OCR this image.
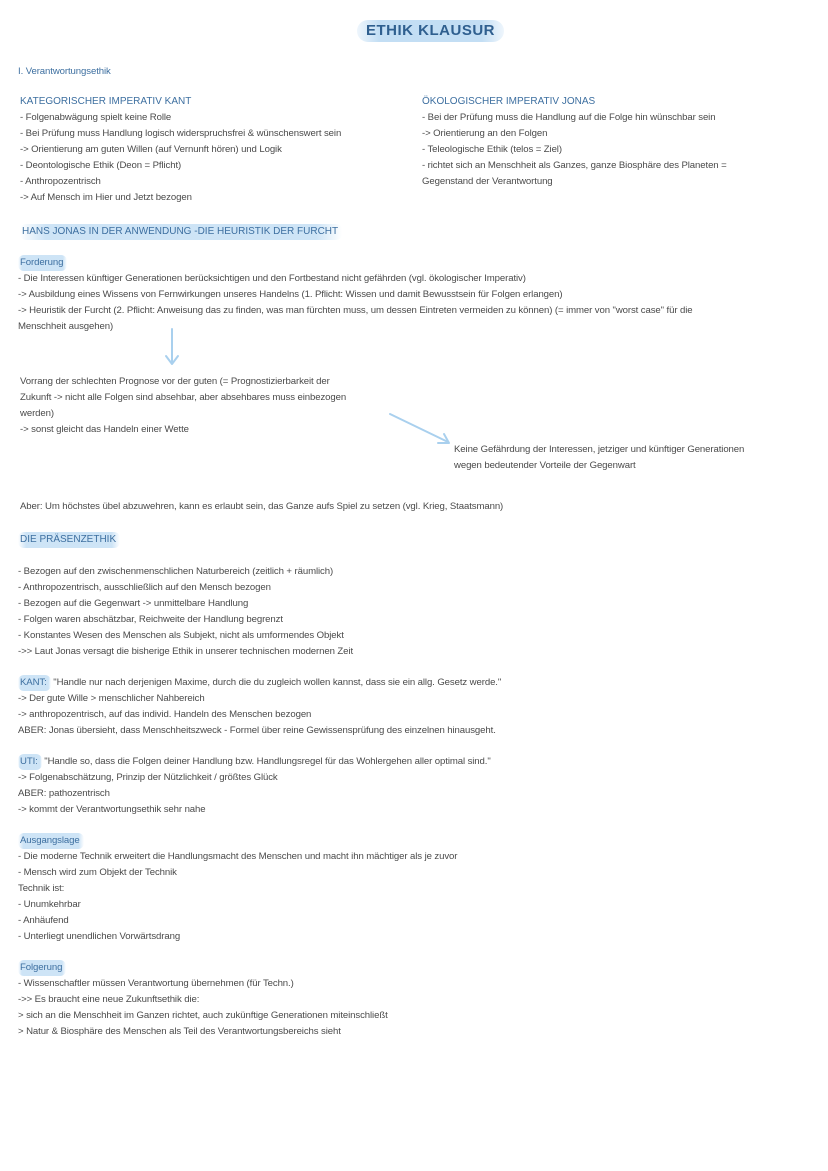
ETHIK KLAUSUR
I. Verantwortungsethik
KATEGORISCHER IMPERATIV KANT
- Folgenabwägung spielt keine Rolle
- Bei Prüfung muss Handlung logisch widerspruchsfrei & wünschenswert sein
-> Orientierung am guten Willen (auf Vernunft hören) und Logik
- Deontologische Ethik (Deon = Pflicht)
- Anthropozentrisch
-> Auf Mensch im Hier und Jetzt bezogen
ÖKOLOGISCHER IMPERATIV JONAS
- Bei der Prüfung muss die Handlung auf die Folge hin wünschbar sein
-> Orientierung an den Folgen
- Teleologische Ethik (telos = Ziel)
- richtet sich an Menschheit als Ganzes, ganze Biosphäre des Planeten =
Gegenstand der Verantwortung
HANS JONAS IN DER ANWENDUNG -DIE HEURISTIK DER FURCHT
Forderung
- Die Interessen künftiger Generationen berücksichtigen und den Fortbestand nicht gefährden (vgl. ökologischer Imperativ)
-> Ausbildung eines Wissens von Fernwirkungen unseres Handelns (1. Pflicht: Wissen und damit Bewusstsein für Folgen erlangen)
-> Heuristik der Furcht (2. Pflicht: Anweisung das zu finden, was man fürchten muss, um dessen Eintreten vermeiden zu können) (= immer von "worst case" für die
Menschheit ausgehen)
Vorrang der schlechten Prognose vor der guten (= Prognostizierbarkeit der
Zukunft -> nicht alle Folgen sind absehbar, aber absehbares muss einbezogen
werden)
-> sonst gleicht das Handeln einer Wette
Keine Gefährdung der Interessen, jetziger und künftiger Generationen
wegen bedeutender Vorteile der Gegenwart
Aber: Um höchstes übel abzuwehren, kann es erlaubt sein, das Ganze aufs Spiel zu setzen (vgl. Krieg, Staatsmann)
DIE PRÄSENZETHIK
- Bezogen auf den zwischenmenschlichen Naturbereich (zeitlich + räumlich)
- Anthropozentrisch, ausschließlich auf den Mensch bezogen
- Bezogen auf die Gegenwart -> unmittelbare Handlung
- Folgen waren abschätzbar, Reichweite der Handlung begrenzt
- Konstantes Wesen des Menschen als Subjekt, nicht als umformendes Objekt
->> Laut Jonas versagt die bisherige Ethik in unserer technischen modernen Zeit
KANT: "Handle nur nach derjenigen Maxime, durch die du zugleich wollen kannst, dass sie ein allg. Gesetz werde."
-> Der gute Wille > menschlicher Nahbereich
-> anthropozentrisch, auf das individ. Handeln des Menschen bezogen
ABER: Jonas übersieht, dass Menschheitszweck - Formel über reine Gewissensprüfung des einzelnen hinausgeht.
UTI: "Handle so, dass die Folgen deiner Handlung bzw. Handlungsregel für das Wohlergehen aller optimal sind."
-> Folgenabschätzung, Prinzip der Nützlichkeit / größtes Glück
ABER: pathozentrisch
-> kommt der Verantwortungsethik sehr nahe
Ausgangslage
- Die moderne Technik erweitert die Handlungsmacht des Menschen und macht ihn mächtiger als je zuvor
- Mensch wird zum Objekt der Technik
Technik ist:
- Unumkehrbar
- Anhäufend
- Unterliegt unendlichen Vorwärtsdrang
Folgerung
- Wissenschaftler müssen Verantwortung übernehmen (für Techn.)
->> Es braucht eine neue Zukunftsethik die:
> sich an die Menschheit im Ganzen richtet, auch zukünftige Generationen miteinschließt
> Natur & Biosphäre des Menschen als Teil des Verantwortungsbereichs sieht
